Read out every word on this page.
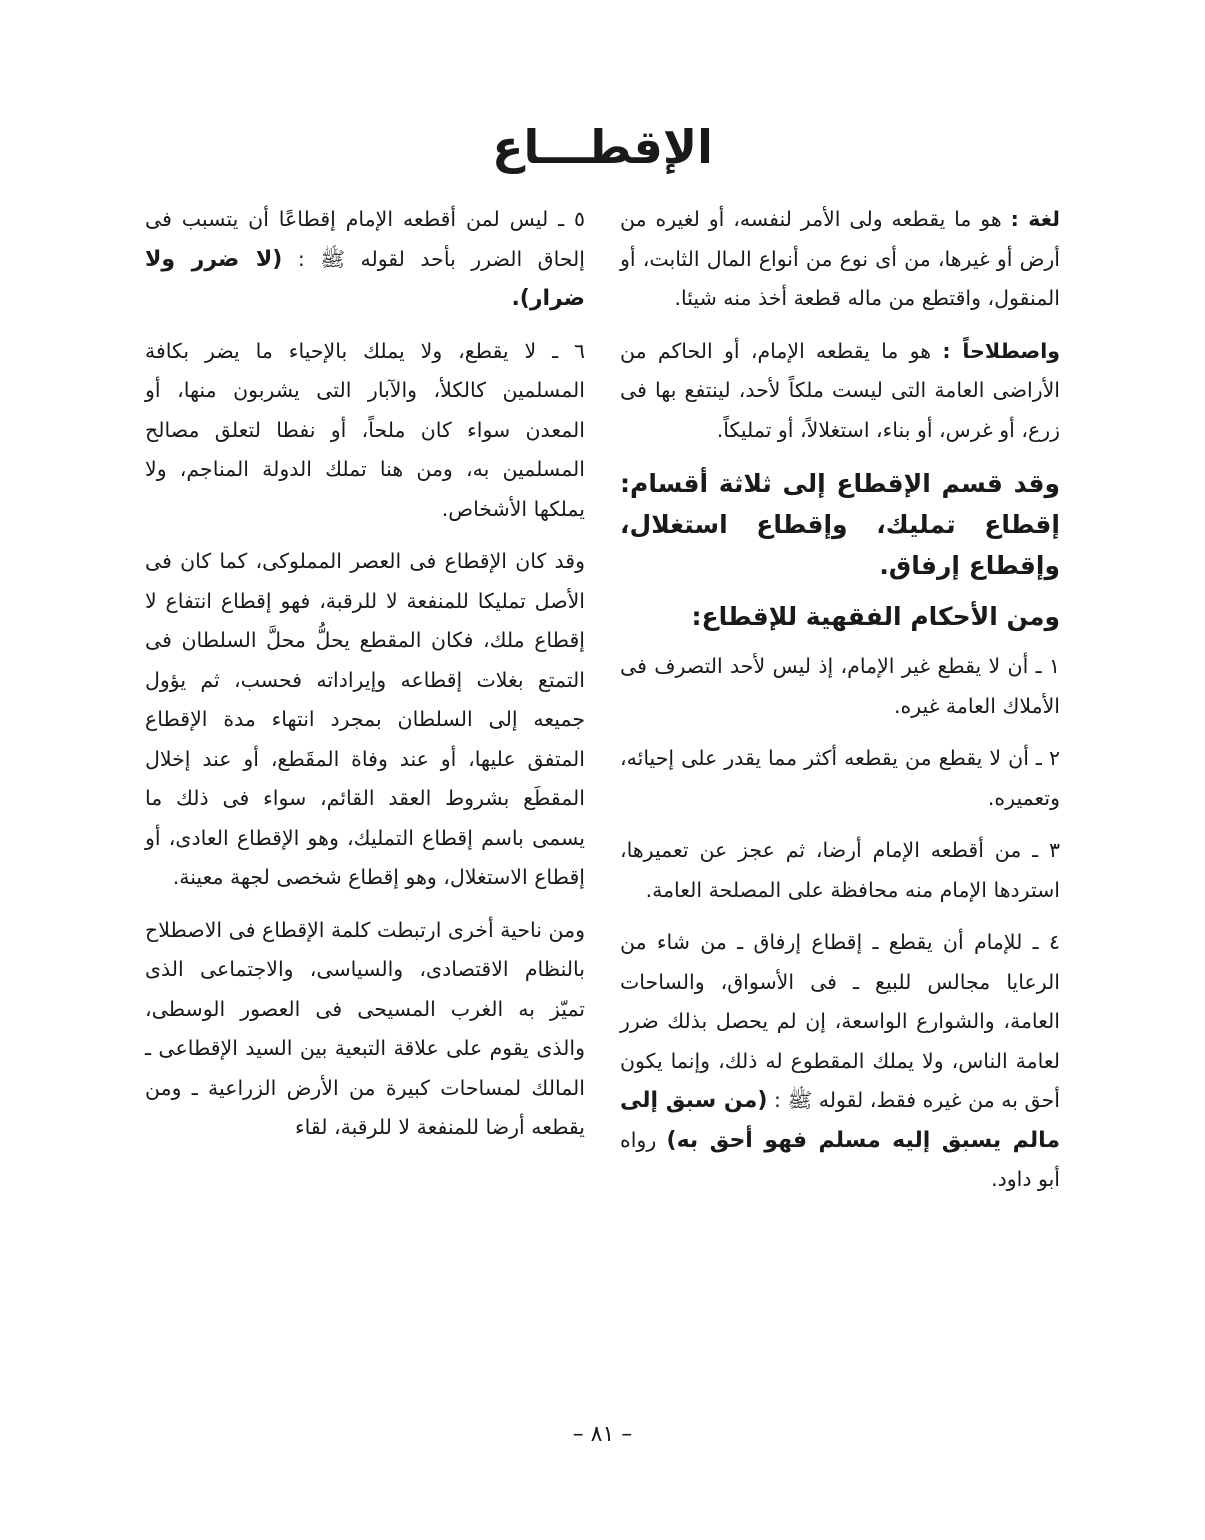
الإقطـــاع

لغة : هو ما يقطعه ولى الأمر لنفسه، أو لغيره من أرض أو غيرها، من أى نوع من أنواع المال الثابت، أو المنقول، واقتطع من ماله قطعة أخذ منه شيئا.

واصطلاحاً : هو ما يقطعه الإمام، أو الحاكم من الأراضى العامة التى ليست ملكاً لأحد، لينتفع بها فى زرع، أو غرس، أو بناء، استغلالاً، أو تمليكاً.

وقد قسم الإقطاع إلى ثلاثة أقسام: إقطاع تمليك، وإقطاع استغلال، وإقطاع إرفاق.

ومن الأحكام الفقهية للإقطاع:

١ ـ أن لا يقطع غير الإمام، إذ ليس لأحد التصرف فى الأملاك العامة غيره.

٢ ـ أن لا يقطع من يقطعه أكثر مما يقدر على إحيائه، وتعميره.

٣ ـ من أقطعه الإمام أرضا، ثم عجز عن تعميرها، استردها الإمام منه محافظة على المصلحة العامة.

٤ ـ للإمام أن يقطع ـ إقطاع إرفاق ـ من شاء من الرعايا مجالس للبيع ـ فى الأسواق، والساحات العامة، والشوارع الواسعة، إن لم يحصل بذلك ضرر لعامة الناس، ولا يملك المقطوع له ذلك، وإنما يكون أحق به من غيره فقط، لقوله ﷺ : (من سبق إلى مالم يسبق إليه مسلم فهو أحق به) رواه أبو داود.

٥ ـ ليس لمن أقطعه الإمام إقطاعًا أن يتسبب فى إلحاق الضرر بأحد لقوله ﷺ : (لا ضرر ولا ضرار).

٦ ـ لا يقطع، ولا يملك بالإحياء ما يضر بكافة المسلمين كالكلأ، والآبار التى يشربون منها، أو المعدن سواء كان ملحاً، أو نفطا لتعلق مصالح المسلمين به، ومن هنا تملك الدولة المناجم، ولا يملكها الأشخاص.

وقد كان الإقطاع فى العصر المملوكى، كما كان فى الأصل تمليكا للمنفعة لا للرقبة، فهو إقطاع انتفاع لا إقطاع ملك، فكان المقطع يحلُّ محلَّ السلطان فى التمتع بغلات إقطاعه وإيراداته فحسب، ثم يؤول جميعه إلى السلطان بمجرد انتهاء مدة الإقطاع المتفق عليها، أو عند وفاة المقَطع، أو عند إخلال المقطَع بشروط العقد القائم، سواء فى ذلك ما يسمى باسم إقطاع التمليك، وهو الإقطاع العادى، أو إقطاع الاستغلال، وهو إقطاع شخصى لجهة معينة.

ومن ناحية أخرى ارتبطت كلمة الإقطاع فى الاصطلاح بالنظام الاقتصادى، والسياسى، والاجتماعى الذى تميّز به الغرب المسيحى فى العصور الوسطى، والذى يقوم على علاقة التبعية بين السيد الإقطاعى ـ المالك لمساحات كبيرة من الأرض الزراعية ـ ومن يقطعه أرضا للمنفعة لا للرقبة، لقاء

– ٨١ –
